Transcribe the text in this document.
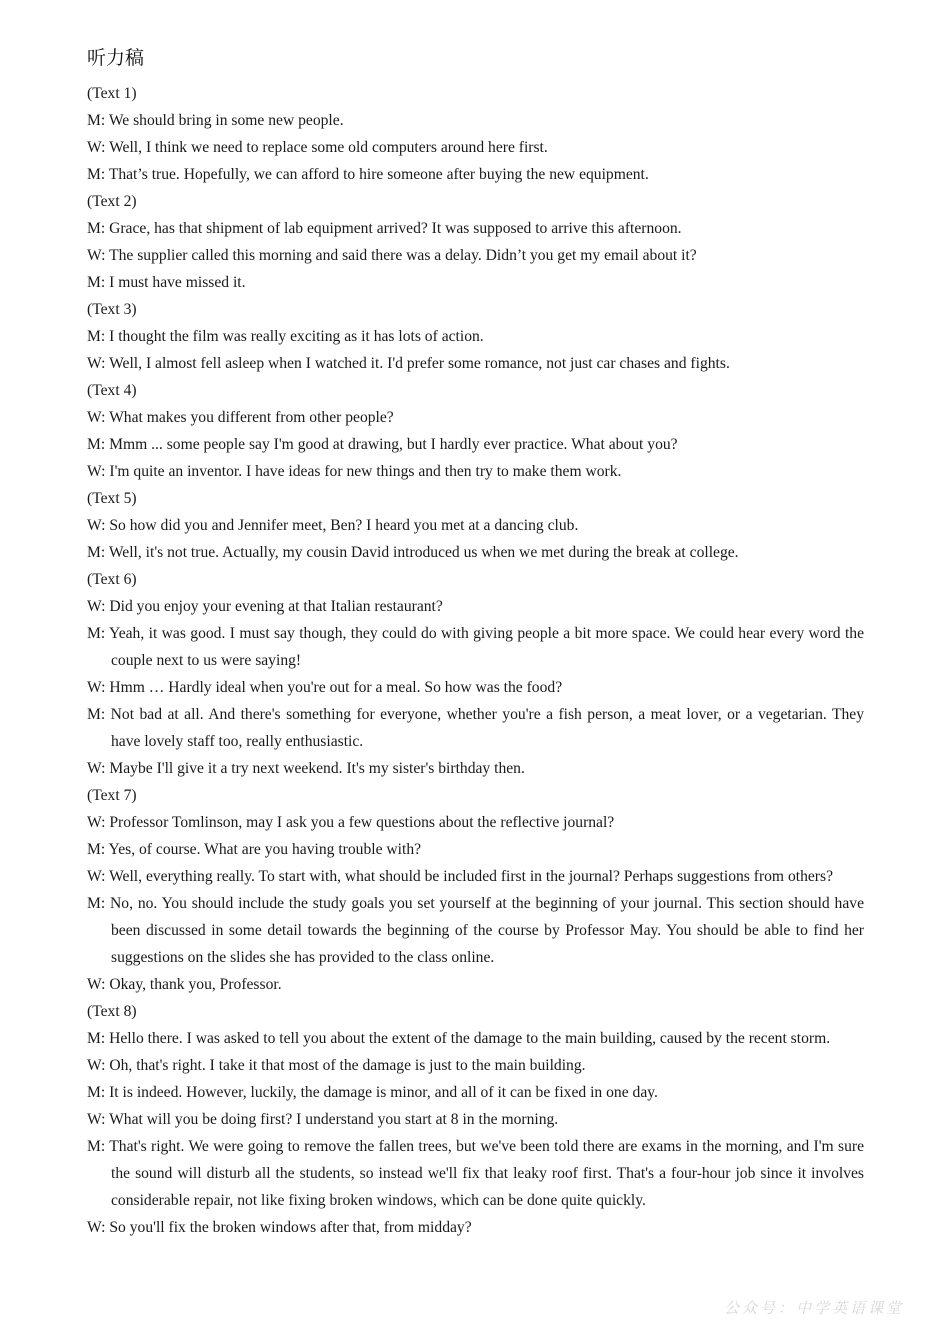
听力稿

(Text 1)

M: We should bring in some new people.

W: Well, I think we need to replace some old computers around here first.

M: That’s true. Hopefully, we can afford to hire someone after buying the new equipment.

(Text 2)

M: Grace, has that shipment of lab equipment arrived? It was supposed to arrive this afternoon.

W: The supplier called this morning and said there was a delay. Didn’t you get my email about it?

M: I must have missed it.

(Text 3)

M: I thought the film was really exciting as it has lots of action.

W: Well, I almost fell asleep when I watched it. I'd prefer some romance, not just car chases and fights.

(Text 4)

W: What makes you different from other people?

M: Mmm ... some people say I'm good at drawing, but I hardly ever practice. What about you?

W: I'm quite an inventor. I have ideas for new things and then try to make them work.

(Text 5)

W: So how did you and Jennifer meet, Ben? I heard you met at a dancing club.

M: Well, it's not true. Actually, my cousin David introduced us when we met during the break at college.

(Text 6)

W: Did you enjoy your evening at that Italian restaurant?

M: Yeah, it was good. I must say though, they could do with giving people a bit more space. We could hear every word the couple next to us were saying!

W: Hmm … Hardly ideal when you're out for a meal. So how was the food?

M: Not bad at all. And there's something for everyone, whether you're a fish person, a meat lover, or a vegetarian. They have lovely staff too, really enthusiastic.

W: Maybe I'll give it a try next weekend. It's my sister's birthday then.

(Text 7)

W: Professor Tomlinson, may I ask you a few questions about the reflective journal?

M: Yes, of course. What are you having trouble with?

W: Well, everything really. To start with, what should be included first in the journal? Perhaps suggestions from others?

M: No, no. You should include the study goals you set yourself at the beginning of your journal. This section should have been discussed in some detail towards the beginning of the course by Professor May. You should be able to find her suggestions on the slides she has provided to the class online.

W: Okay, thank you, Professor.

(Text 8)

M: Hello there. I was asked to tell you about the extent of the damage to the main building, caused by the recent storm.

W: Oh, that's right. I take it that most of the damage is just to the main building.

M: It is indeed. However, luckily, the damage is minor, and all of it can be fixed in one day.

W: What will you be doing first? I understand you start at 8 in the morning.

M: That's right. We were going to remove the fallen trees, but we've been told there are exams in the morning, and I'm sure the sound will disturb all the students, so instead we'll fix that leaky roof first. That's a four-hour job since it involves considerable repair, not like fixing broken windows, which can be done quite quickly.

W: So you'll fix the broken windows after that, from midday?

公众号：中学英语课堂
